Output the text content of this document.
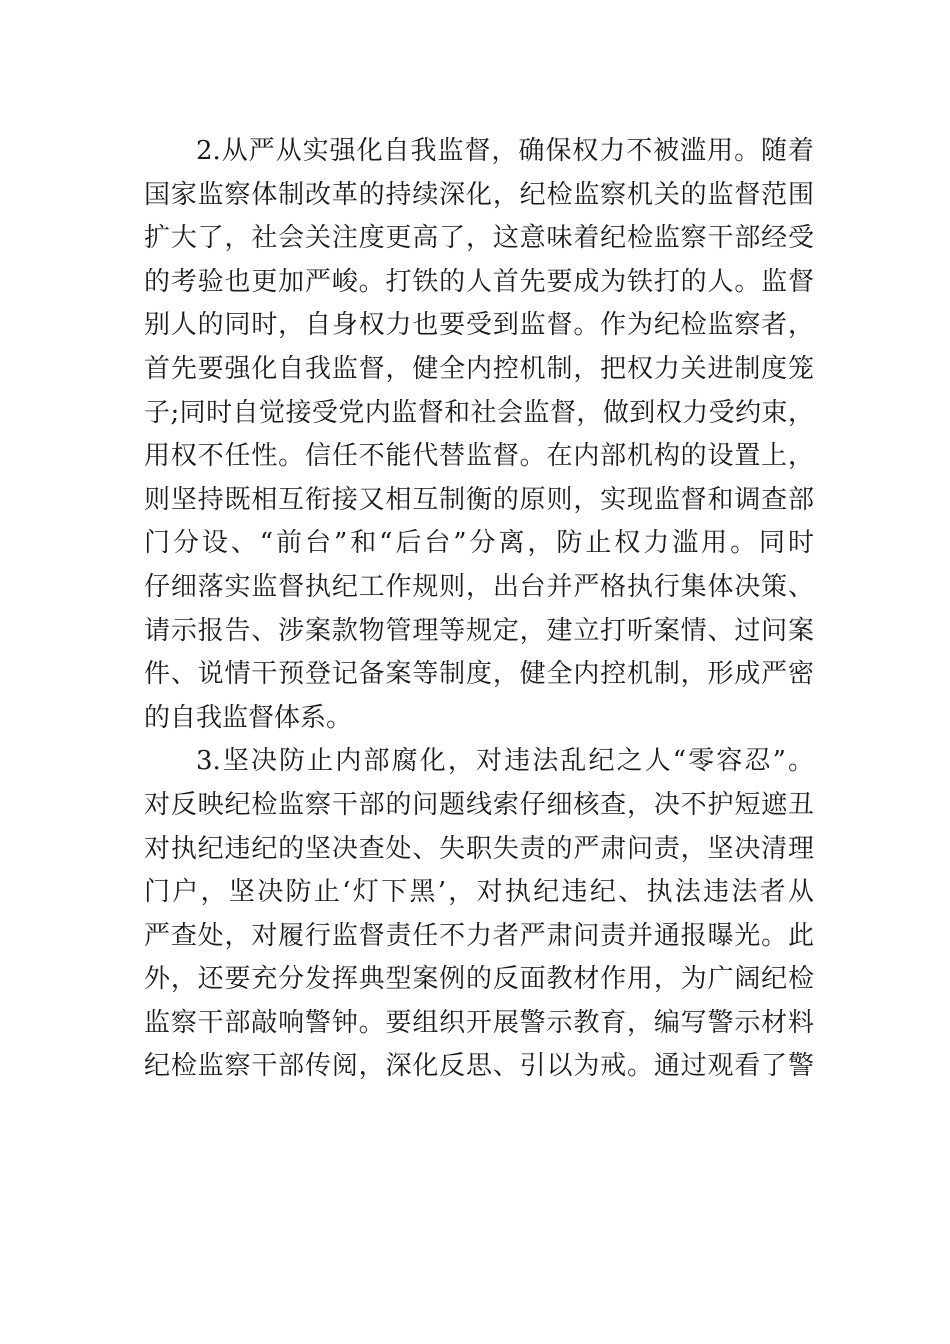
2.从严从实强化自我监督，确保权力不被滥用。随着
国家监察体制改革的持续深化，纪检监察机关的监督范围
扩大了，社会关注度更高了，这意味着纪检监察干部经受
的考验也更加严峻。打铁的人首先要成为铁打的人。监督
别人的同时，自身权力也要受到监督。作为纪检监察者，
首先要强化自我监督，健全内控机制，把权力关进制度笼
子;同时自觉接受党内监督和社会监督，做到权力受约束，
用权不任性。信任不能代替监督。在内部机构的设置上，
则坚持既相互衔接又相互制衡的原则，实现监督和调查部
门分设、“前台”和“后台”分离，防止权力滥用。同时
仔细落实监督执纪工作规则，出台并严格执行集体决策、
请示报告、涉案款物管理等规定，建立打听案情、过问案
件、说情干预登记备案等制度，健全内控机制，形成严密
的自我监督体系。
3.坚决防止内部腐化，对违法乱纪之人“零容忍”。
对反映纪检监察干部的问题线索仔细核查，决不护短遮丑
对执纪违纪的坚决查处、失职失责的严肃问责，坚决清理
门户，坚决防止‘灯下黑’，对执纪违纪、执法违法者从
严查处，对履行监督责任不力者严肃问责并通报曝光。此
外，还要充分发挥典型案例的反面教材作用，为广阔纪检
监察干部敲响警钟。要组织开展警示教育，编写警示材料
纪检监察干部传阅，深化反思、引以为戒。通过观看了警
